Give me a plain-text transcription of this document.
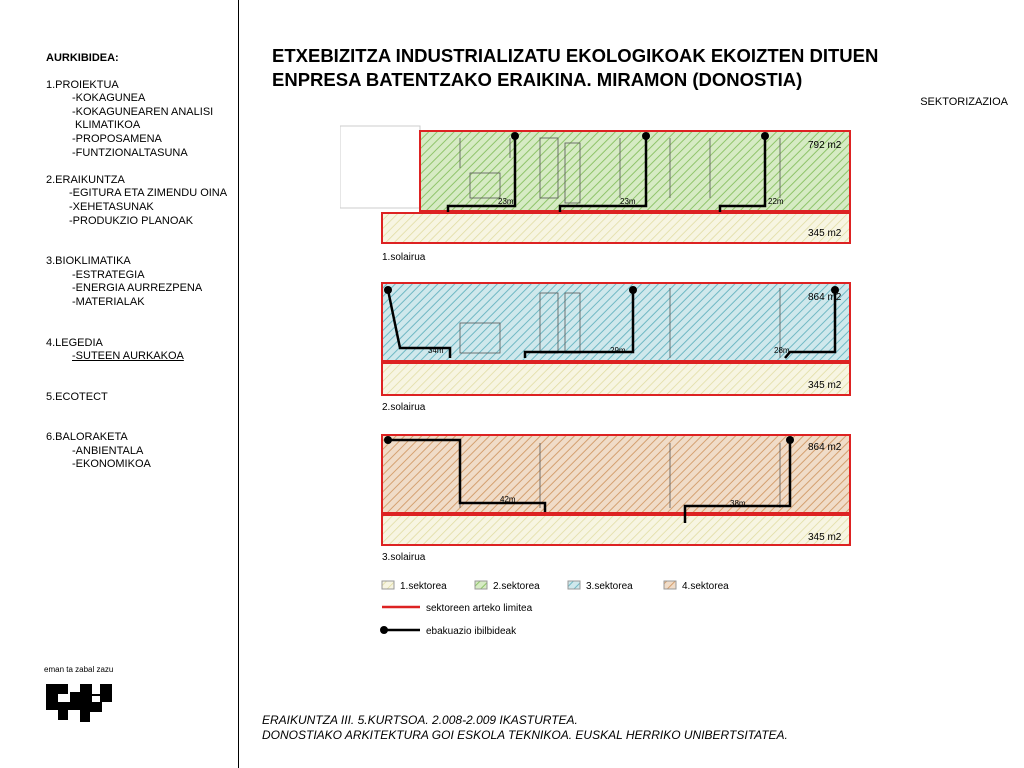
AURKIBIDEA:
1.PROIEKTUA
-KOKAGUNEA
-KOKAGUNEAREN ANALISI
KLIMATIKOA
-PROPOSAMENA
-FUNTZIONALTASUNA
2.ERAIKUNTZA
-EGITURA ETA ZIMENDU OINA
-XEHETASUNAK
-PRODUKZIO PLANOAK
3.BIOKLIMATIKA
-ESTRATEGIA
-ENERGIA AURREZPENA
-MATERIALAK
4.LEGEDIA
-SUTEEN AURKAKOA
5.ECOTECT
6.BALORAKETA
-ANBIENTALA
-EKONOMIKOA
ETXEBIZITZA INDUSTRIALIZATU EKOLOGIKOAK EKOIZTEN DITUEN
ENPRESA BATENTZAKO ERAIKINA. MIRAMON (DONOSTIA)
SEKTORIZAZIOA
23m	23m	22m
792 m2
345 m2
1.solairua
34m	29m	28m
864 m2
345 m2
2.solairua
42m	38m
864 m2
345 m2
3.solairua
1.sektorea	2.sektorea	3.sektorea	4.sektorea
sektoreen arteko limitea
ebakuazio ibilbideak
eman ta zabal zazu
ERAIKUNTZA III. 5.KURTSOA. 2.008-2.009 IKASTURTEA.
DONOSTIAKO ARKITEKTURA GOI ESKOLA TEKNIKOA. EUSKAL HERRIKO UNIBERTSITATEA.
